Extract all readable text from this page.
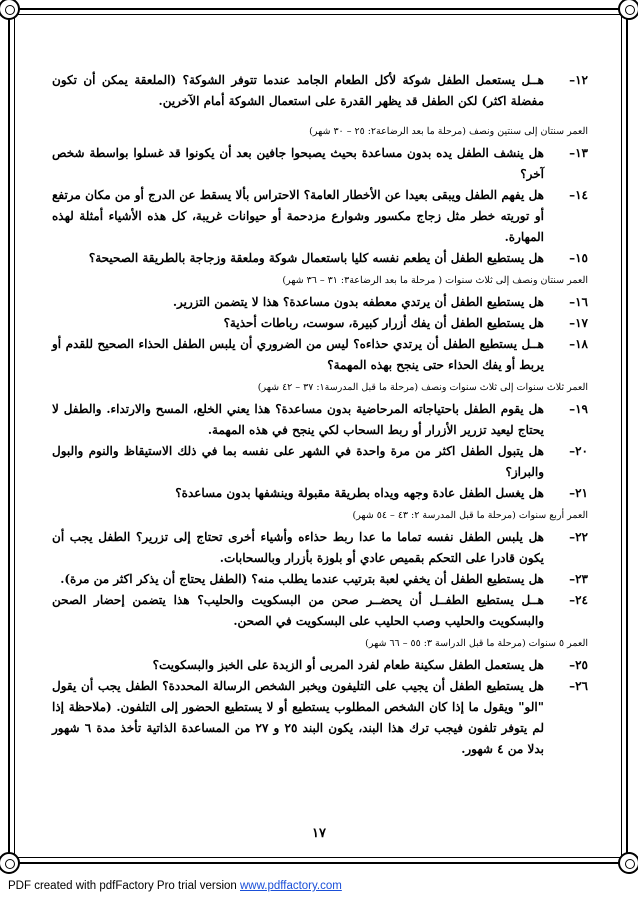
١٢–
هــل يستعمل الطفل شوكة لأكل الطعام الجامد عندما تتوفر الشوكة؟ (الملعقة يمكن أن تكون مفضلة اكثر) لكن الطفل قد يظهر القدرة على استعمال الشوكة أمام الآخرين.
العمر سنتان إلى سنتين ونصف (مرحلة ما بعد الرضاعة٢: ٢٥ – ٣٠ شهر)
١٣–
هل ينشف الطفل يده بدون مساعدة بحيث يصبحوا جافين بعد أن يكونوا قد غسلوا بواسطة شخص آخر؟
١٤–
هل يفهم الطفل ويبقى بعيدا عن الأخطار العامة؟ الاحتراس بألا يسقط عن الدرج أو من مكان مرتفع أو توريته خطر مثل زجاج مكسور وشوارع مزدحمة أو حيوانات غريبة، كل هذه الأشياء أمثلة لهذه المهارة.
١٥–
هل يستطيع الطفل أن يطعم نفسه كليا باستعمال شوكة وملعقة وزجاجة بالطريقة الصحيحة؟
العمر سنتان ونصف إلى ثلاث سنوات ( مرحلة ما بعد الرضاعة٣: ٣١ – ٣٦ شهر)
١٦–
هل يستطيع الطفل أن يرتدي معطفه بدون مساعدة؟ هذا لا يتضمن التزرير.
١٧–
هل يستطيع الطفل أن يفك أزرار كبيرة، سوست، رباطات أحذية؟
١٨–
هــل يستطيع الطفل أن يرتدي حذاءه؟ ليس من الضروري أن يلبس الطفل الحذاء الصحيح للقدم أو يربط أو يفك الحذاء حتى ينجح بهذه المهمة؟
العمر ثلاث سنوات إلى ثلاث سنوات ونصف (مرحلة ما قبل المدرسة١: ٣٧ – ٤٢ شهر)
١٩–
هل يقوم الطفل باحتياجاته المرحاضية بدون مساعدة؟ هذا يعني الخلع، المسح والارتداء. والطفل لا يحتاج ليعيد تزرير الأزرار أو ربط السحاب لكي ينجح في هذه المهمة.
٢٠–
هل يتبول الطفل اكثر من مرة واحدة في الشهر على نفسه بما في ذلك الاستيقاظ والنوم والبول والبراز؟
٢١–
هل يغسل الطفل عادة وجهه ويداه بطريقة مقبولة وينشفها بدون مساعدة؟
العمر أربع سنوات (مرحلة ما قبل المدرسة ٢: ٤٣ – ٥٤ شهر)
٢٢–
هل يلبس الطفل نفسه تماما ما عدا ربط حذاءه وأشياء أخرى تحتاج إلى تزرير؟ الطفل يجب أن يكون قادرا على التحكم بقميص عادي أو بلوزة بأزرار وبالسحابات.
٢٣–
هل يستطيع الطفل أن يخفي لعبة بترتيب عندما يطلب منه؟ (الطفل يحتاج أن يذكر اكثر من مرة).
٢٤–
هــل يستطيع الطفــل أن يحضــر صحن من البسكويت والحليب؟ هذا يتضمن إحضار الصحن والبسكويت والحليب وصب الحليب على البسكويت في الصحن.
العمر ٥ سنوات (مرحلة ما قبل الدراسة ٣: ٥٥ – ٦٦ شهر)
٢٥–
هل يستعمل الطفل سكينة طعام لفرد المربى أو الزبدة على الخبز والبسكويت؟
٢٦–
هل يستطيع الطفل أن يجيب على التليفون ويخبر الشخص الرسالة المحددة؟ الطفل يجب أن يقول "الو" ويقول ما إذا كان الشخص المطلوب يستطيع أو لا يستطيع الحضور إلى التلفون. (ملاحظة إذا لم يتوفر تلفون فيجب ترك هذا البند، يكون البند ٢٥ و ٢٧ من المساعدة الذاتية تأخذ مدة ٦ شهور بدلا من ٤ شهور.
١٧
PDF created with pdfFactory Pro trial version www.pdffactory.com
